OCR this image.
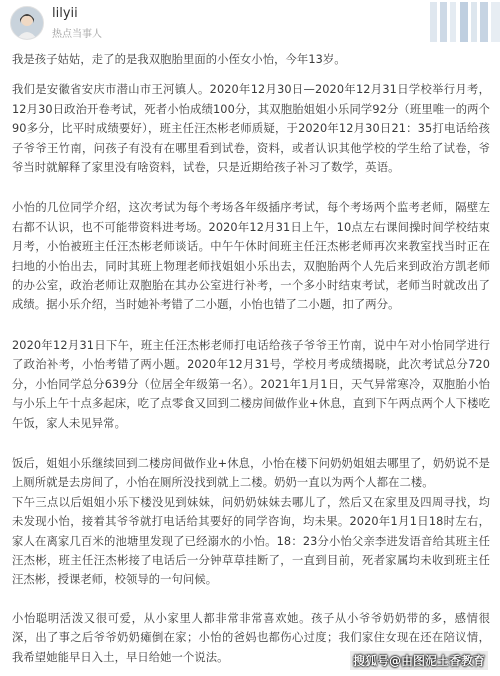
lilyii
热点当事人

我是孩子姑姑，走了的是我双胞胎里面的小侄女小怡，今年13岁。

我们是安徽省安庆市潜山市王河镇人。2020年12月30日—2020年12月31日学校举行月考，12月30日政治开卷考试，死者小怡成绩100分，其双胞胎姐姐小乐同学92分（班里唯一的两个90多分，比平时成绩要好），班主任汪杰彬老师质疑，于2020年12月30日21：35打电话给孩子爷爷王竹南，问孩子有没有在哪里看到试卷，资料，或者认识其他学校的学生给了试卷，爷爷当时就解释了家里没有啥资料，试卷，只是近期给孩子补习了数学，英语。

小怡的几位同学介绍，这次考试为每个考场各年级插序考试，每个考场两个监考老师，隔壁左右都不认识，也不可能带资料进考场。2020年12月31日上午，10点左右课间操时间学校结束月考，小怡被班主任汪杰彬老师谈话。中午午休时间班主任汪杰彬老师再次来教室找当时正在扫地的小怡出去，同时其班上物理老师找姐姐小乐出去，双胞胎两个人先后来到政治方凯老师的办公室，政治老师让双胞胎在其办公室进行补考，一个多小时结束考试，老师当时就改出了成绩。据小乐介绍，当时她补考错了二小题，小怡也错了二小题，扣了两分。

2020年12月31日下午，班主任汪杰彬老师打电话给孩子爷爷王竹南，说中午对小怡同学进行了政治补考，小怡考错了两小题。2020年12月31号，学校月考成绩揭晓，此次考试总分720分，小怡同学总分639分（位居全年级第一名）。2021年1月1日，天气异常寒冷，双胞胎小怡与小乐上午十点多起床，吃了点零食又回到二楼房间做作业+休息，直到下午两点两个人下楼吃午饭，家人未见异常。

饭后，姐姐小乐继续回到二楼房间做作业+休息，小怡在楼下问奶奶姐姐去哪里了，奶奶说不是上厕所就是去房间了，小怡在厕所没找到就上二楼。奶奶一直以为两个人都在二楼。

下午三点以后姐姐小乐下楼没见到妹妹，问奶奶妹妹去哪儿了，然后又在家里及四周寻找，均未发现小怡，接着其爷爷就打电话给其要好的同学咨询，均未果。2020年1月1日18时左右，家人在离家几百米的池塘里发现了已经溺水的小怡。18：23分小怡父亲李进发语音给其班主任汪杰彬，班主任汪杰彬接了电话后一分钟草草挂断了，一直到目前，死者家属均未收到班主任汪杰彬，授课老师，校领导的一句问候。

小怡聪明活泼又很可爱，从小家里人都非常非常喜欢她。孩子从小爷爷奶奶带的多，感情很深，出了事之后爷爷奶奶瘫倒在家；小怡的爸妈也都伤心过度；我们家住女现在还在陪议情，我希望她能早日入土，早日给她一个说法。	搜狐号@由图泥土香教育
